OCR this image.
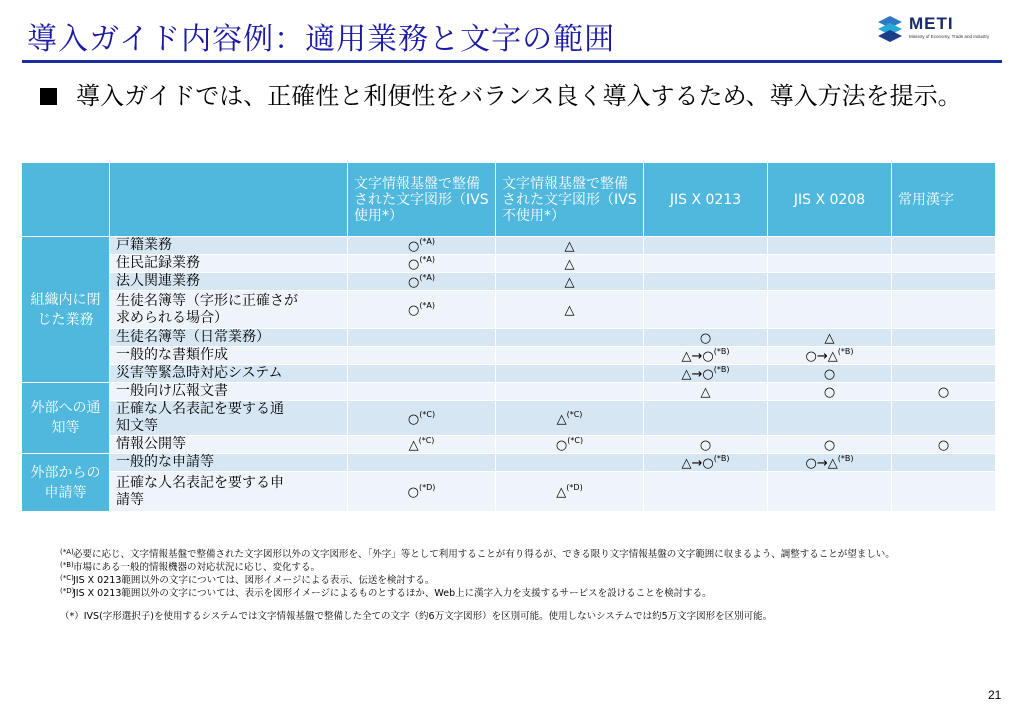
導入ガイド内容例：適用業務と文字の範囲	METI
Ministry of Economy, Trade and Industry
導入ガイドでは、正確性と利便性をバランス良く導入するため、導入方法を提示。
		文字情報基盤で整備された文字図形（IVS使用*）	文字情報基盤で整備された文字図形（IVS不使用*）	JIS X 0213	JIS X 0208	常用漢字
組織内に閉じた業務	戸籍業務	○$^{(*A)}$	△			

	住民記録業務	○$^{(*A)}$	△			

	法人関連業務	○$^{(*A)}$	△			

	生徒名簿等（字形に正確さが
求められる場合）	○$^{(*A)}$	△			

	生徒名簿等（日常業務）			○	△	

	一般的な書類作成			△→○$^{(*B)}$	○→△$^{(*B)}$	

	災害等緊急時対応システム			△→○$^{(*B)}$	○	
外部への通知等	一般向け広報文書			△	○	○

	正確な人名表記を要する通
知文等	○$^{(*C)}$	△$^{(*C)}$			

	情報公開等	△$^{(*C)}$	○$^{(*C)}$	○	○	○
外部からの申請等	一般的な申請等			△→○$^{(*B)}$	○→△$^{(*B)}$	

	正確な人名表記を要する申
請等	○$^{(*D)}$	△$^{(*D)}$			
(*A) 必要に応じ、文字情報基盤で整備された文字図形以外の文字図形を、「外字」等として利用することが有り得るが、できる限り文字情報基盤の文字範囲に収まるよう、調整することが望ましい。
(*B) 市場にある一般的情報機器の対応状況に応じ、変化する。
(*C) JIS X 0213範囲以外の文字については、図形イメージによる表示、伝送を検討する。
(*D)
JIS X 0213範囲以外の文字については、表示を図形イメージによるものとするほか、Web上に漢字入力を支援するサービスを設けることを検討する。
（*）IVS(字形選択子)を使用するシステムでは文字情報基盤で整備した全ての文字（約6万文字図形）を区別可能。使用しないシステムでは約5万文字図形を区別可能。
21
